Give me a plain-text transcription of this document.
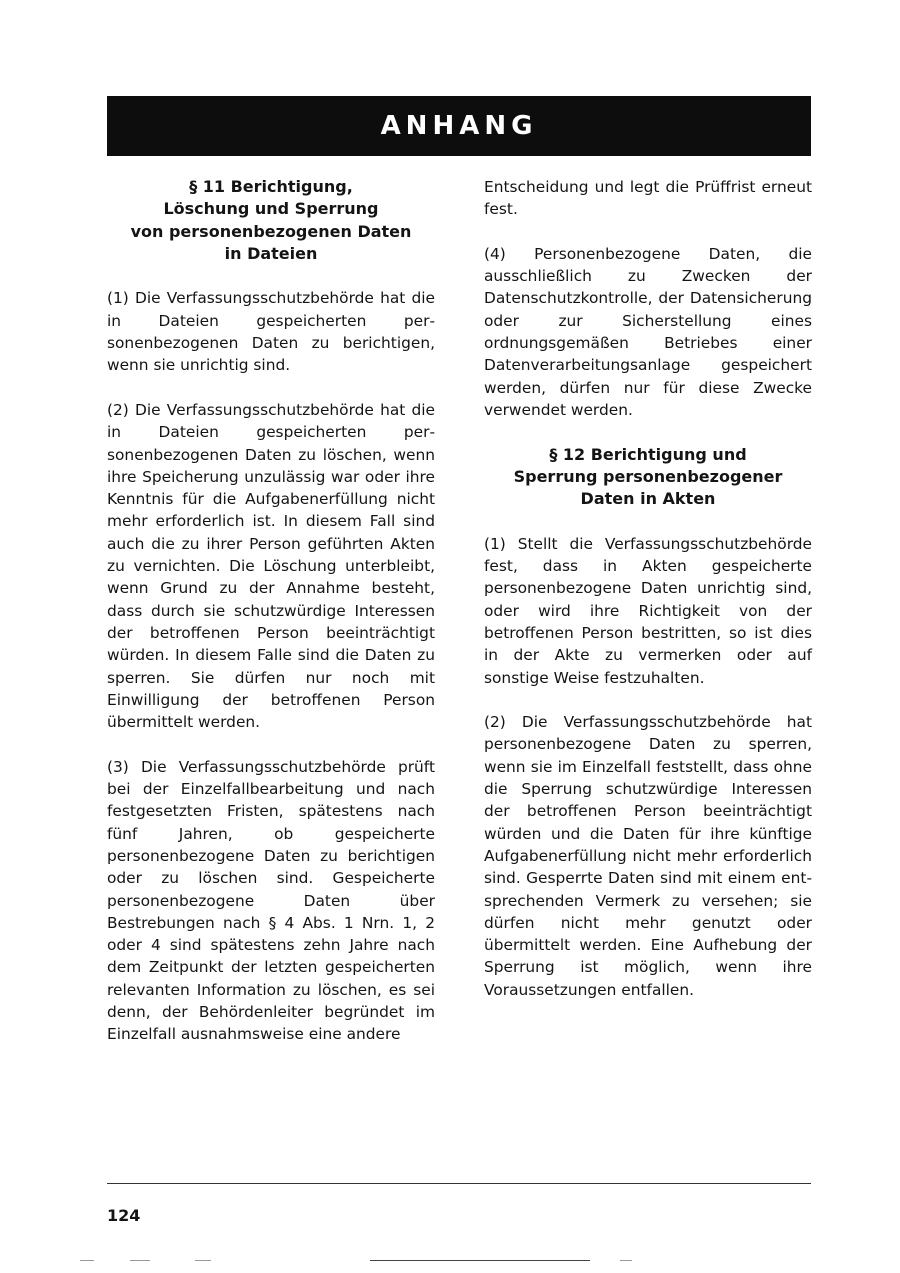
ANHANG
§ 11 Berichtigung,
Löschung und Sperrung
von personenbezogenen Daten
in Dateien

(1) Die Verfassungsschutzbehörde hat die in Dateien gespeicherten personenbezogenen Daten zu berichtigen, wenn sie unrichtig sind.

(2) Die Verfassungsschutzbehörde hat die in Dateien gespeicherten personenbezogenen Daten zu löschen, wenn ihre Speicherung unzulässig war oder ihre Kenntnis für die Aufgabenerfüllung nicht mehr erforderlich ist. In diesem Fall sind auch die zu ihrer Person geführten Akten zu vernichten. Die Löschung unterbleibt, wenn Grund zu der Annahme besteht, dass durch sie schutzwürdige Interessen der betroffenen Person beeinträchtigt würden. In diesem Falle sind die Daten zu sperren. Sie dürfen nur noch mit Einwilligung der betroffenen Person übermittelt werden.

(3) Die Verfassungsschutzbehörde prüft bei der Einzelfallbearbeitung und nach festgesetzten Fristen, spätestens nach fünf Jahren, ob gespeicherte personenbezogene Daten zu berichtigen oder zu löschen sind. Gespeicherte personenbezogene Daten über Bestrebungen nach § 4 Abs. 1 Nrn. 1, 2 oder 4 sind spätestens zehn Jahre nach dem Zeitpunkt der letzten gespeicherten relevanten Information zu löschen, es sei denn, der Behördenleiter begründet im Einzelfall ausnahmsweise eine andere

Entscheidung und legt die Prüffrist erneut fest.

(4) Personenbezogene Daten, die ausschließlich zu Zwecken der Datenschutzkontrolle, der Datensicherung oder zur Sicherstellung eines ordnungsgemäßen Betriebes einer Datenverarbeitungsanlage gespeichert werden, dürfen nur für diese Zwecke verwendet werden.

§ 12 Berichtigung und
Sperrung personenbezogener
Daten in Akten

(1) Stellt die Verfassungsschutzbehörde fest, dass in Akten gespeicherte personenbezogene Daten unrichtig sind, oder wird ihre Richtigkeit von der betroffenen Person bestritten, so ist dies in der Akte zu vermerken oder auf sonstige Weise festzuhalten.

(2) Die Verfassungsschutzbehörde hat personenbezogene Daten zu sperren, wenn sie im Einzelfall feststellt, dass ohne die Sperrung schutzwürdige Interessen der betroffenen Person beeinträchtigt würden und die Daten für ihre künftige Aufgabenerfüllung nicht mehr erforderlich sind. Gesperrte Daten sind mit einem entsprechenden Vermerk zu versehen; sie dürfen nicht mehr genutzt oder übermittelt werden. Eine Aufhebung der Sperrung ist möglich, wenn ihre Voraussetzungen entfallen.

124
